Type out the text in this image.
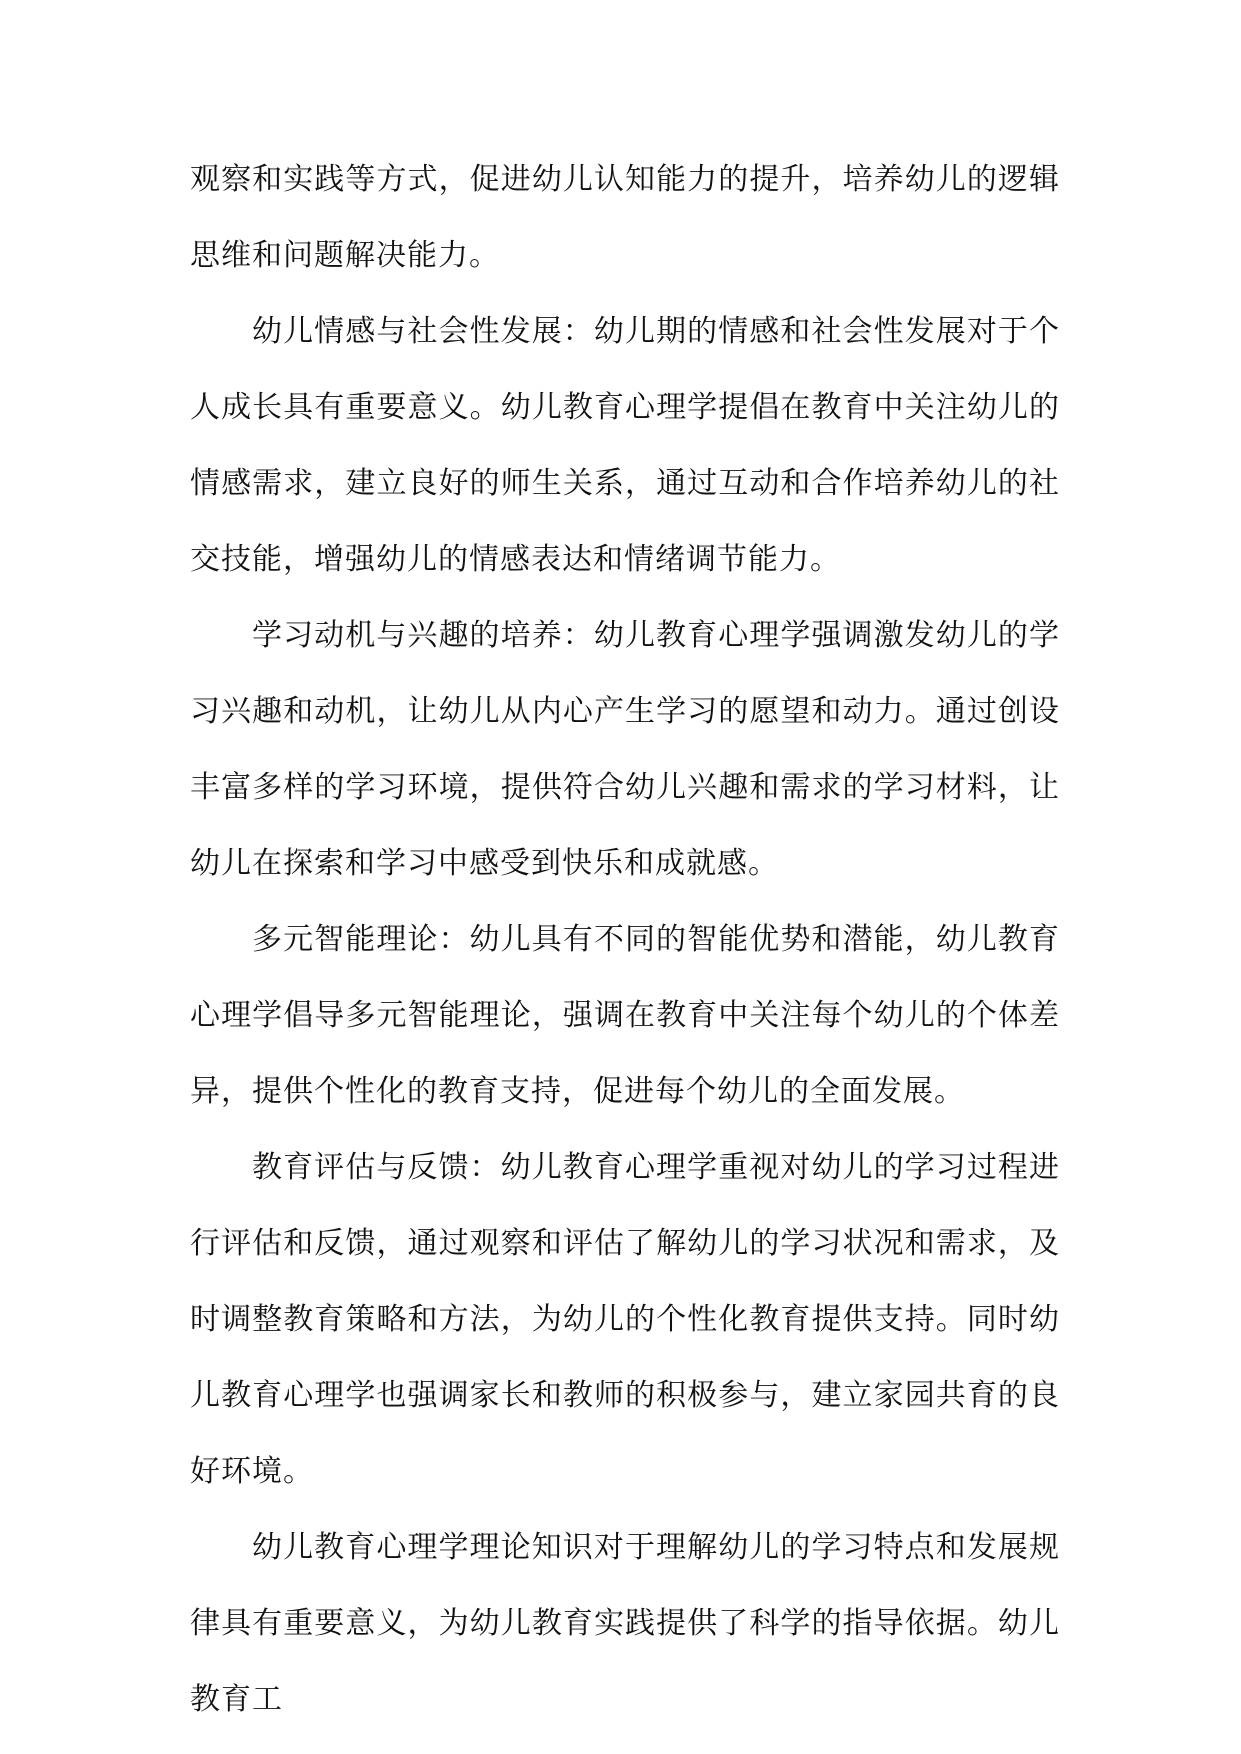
观察和实践等方式，促进幼儿认知能力的提升，培养幼儿的逻辑思维和问题解决能力。

幼儿情感与社会性发展：幼儿期的情感和社会性发展对于个人成长具有重要意义。幼儿教育心理学提倡在教育中关注幼儿的情感需求，建立良好的师生关系，通过互动和合作培养幼儿的社交技能，增强幼儿的情感表达和情绪调节能力。

学习动机与兴趣的培养：幼儿教育心理学强调激发幼儿的学习兴趣和动机，让幼儿从内心产生学习的愿望和动力。通过创设丰富多样的学习环境，提供符合幼儿兴趣和需求的学习材料，让幼儿在探索和学习中感受到快乐和成就感。

多元智能理论：幼儿具有不同的智能优势和潜能，幼儿教育心理学倡导多元智能理论，强调在教育中关注每个幼儿的个体差异，提供个性化的教育支持，促进每个幼儿的全面发展。

教育评估与反馈：幼儿教育心理学重视对幼儿的学习过程进行评估和反馈，通过观察和评估了解幼儿的学习状况和需求，及时调整教育策略和方法，为幼儿的个性化教育提供支持。同时幼儿教育心理学也强调家长和教师的积极参与，建立家园共育的良好环境。

幼儿教育心理学理论知识对于理解幼儿的学习特点和发展规律具有重要意义，为幼儿教育实践提供了科学的指导依据。幼儿教育工
